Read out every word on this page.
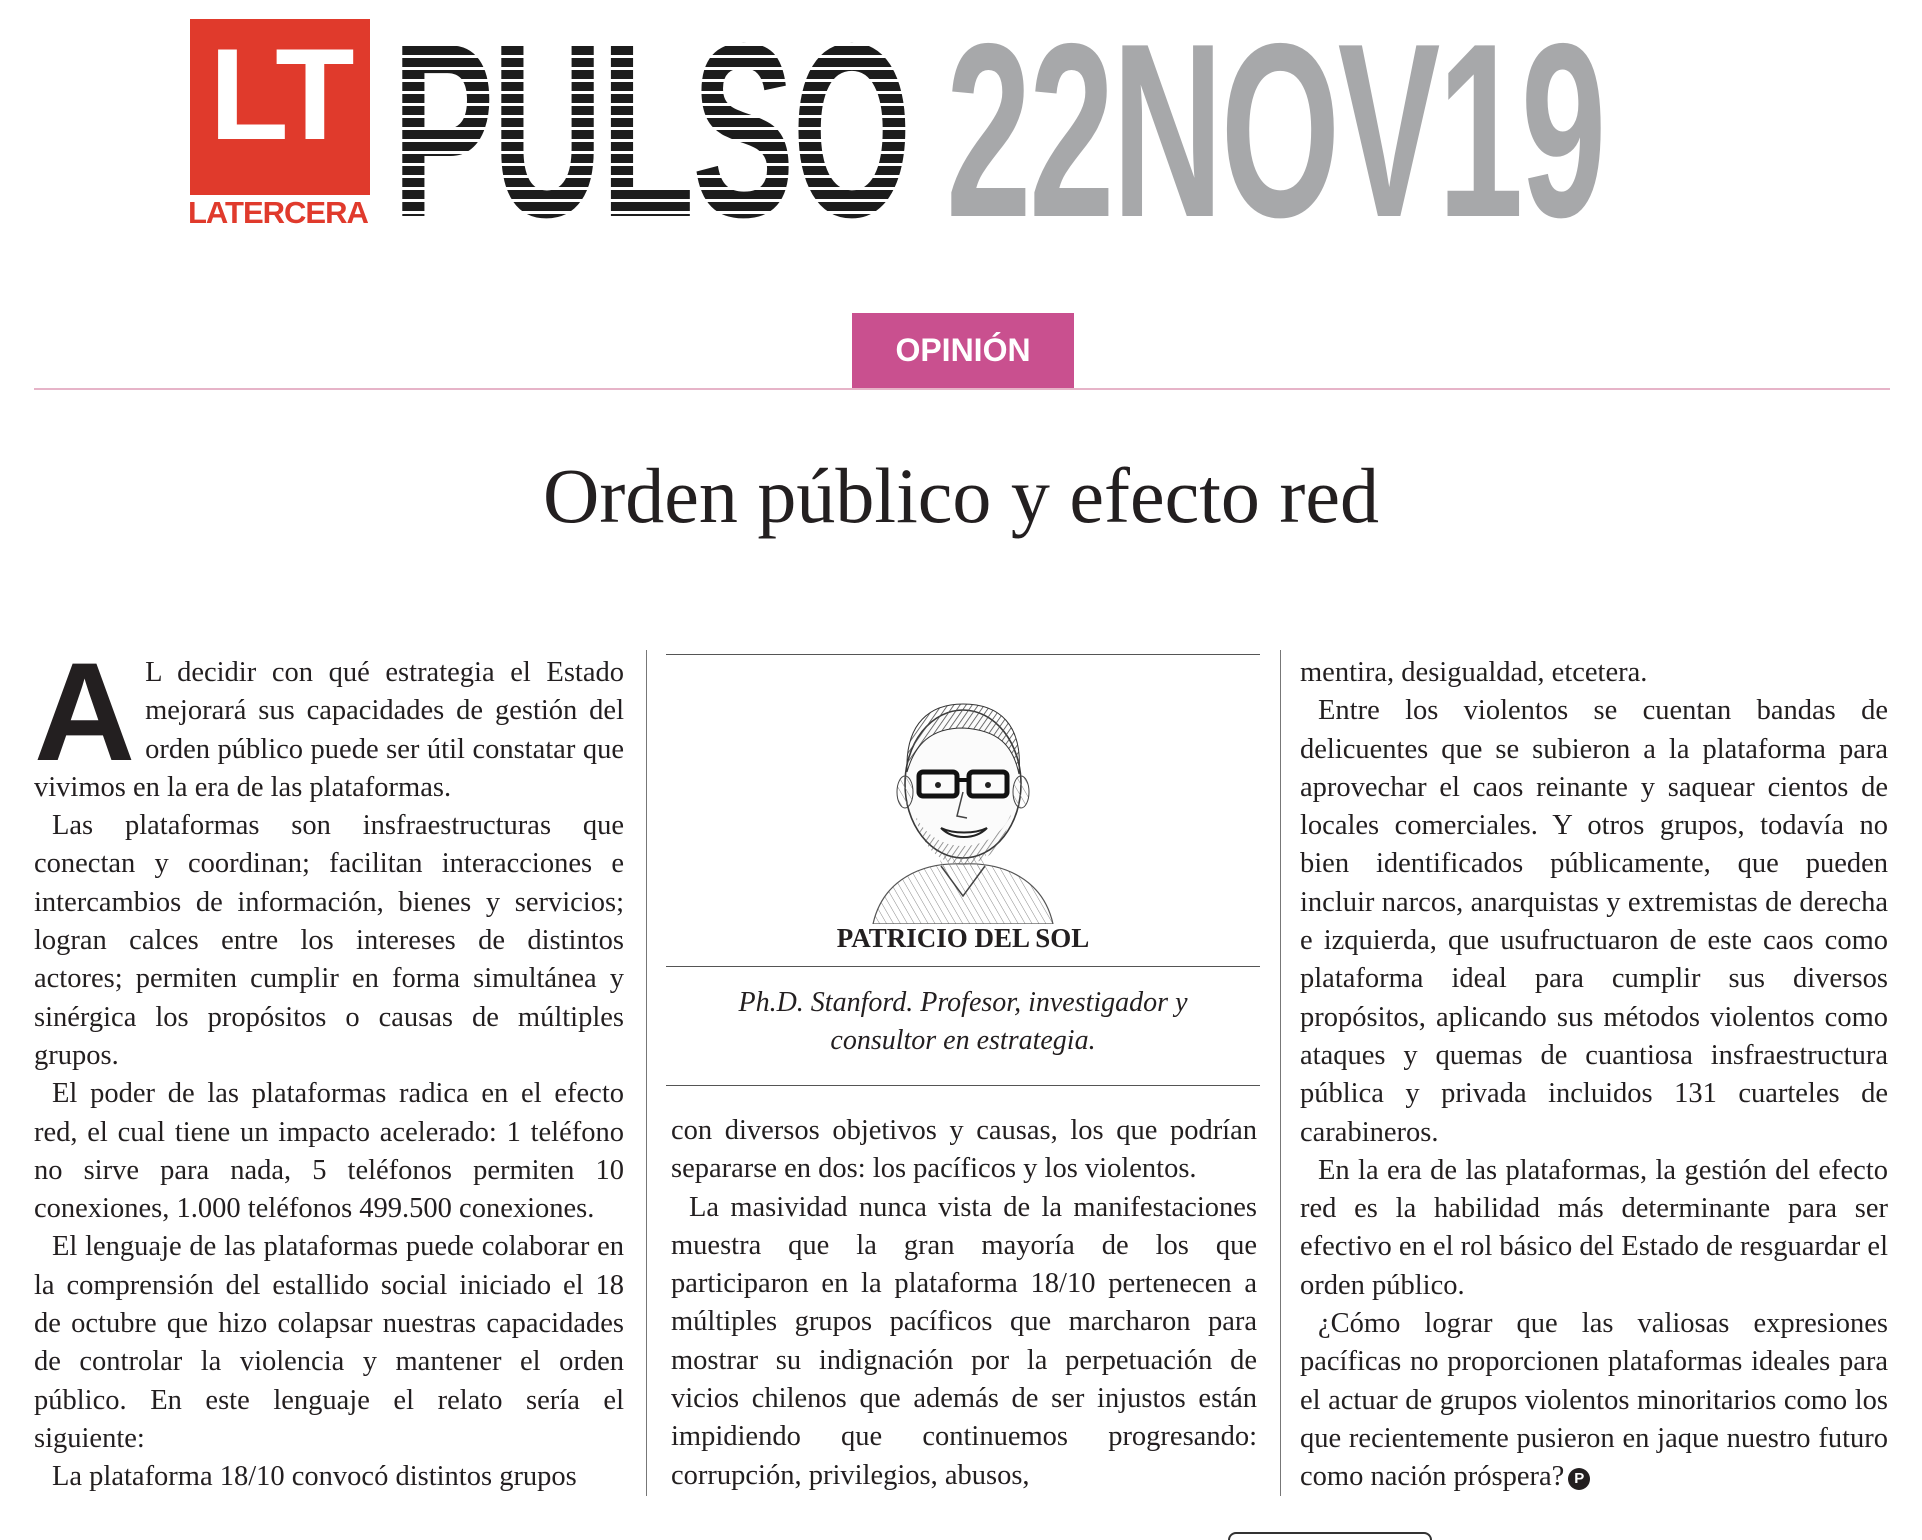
LT
LATERCERA PULSO 22NOV19
OPINIÓN
Orden público y efecto red

A L decidir con qué estrategia el Estado mejorará sus capacidades de gestión del orden público puede ser útil constatar que vivimos en la era de las plataformas.

Las plataformas son insfraestructuras que conectan y coordinan; facilitan interacciones e intercambios de información, bienes y servicios; logran calces entre los intereses de distintos actores; permiten cumplir en forma simultánea y sinérgica los propósitos o causas de múltiples grupos.

El poder de las plataformas radica en el efecto red, el cual tiene un impacto acelerado: 1 teléfono no sirve para nada, 5 teléfonos permiten 10 conexiones, 1.000 teléfonos 499.500 conexiones.

El lenguaje de las plataformas puede colaborar en la comprensión del estallido social iniciado el 18 de octubre que hizo colapsar nuestras capacidades de controlar la violencia y mantener el orden público. En este lenguaje el relato sería el siguiente:

La plataforma 18/10 convocó distintos grupos

PATRICIO DEL SOL
Ph.D. Stanford. Profesor, investigador y consultor en estrategia.

con diversos objetivos y causas, los que podrían separarse en dos: los pacíficos y los violentos.

La masividad nunca vista de la manifestaciones muestra que la gran mayoría de los que participaron en la plataforma 18/10 pertenecen a múltiples grupos pacíficos que marcharon para mostrar su indignación por la perpetuación de vicios chilenos que además de ser injustos están impidiendo que continuemos progresando: corrupción, privilegios, abusos,

mentira, desigualdad, etcetera.

Entre los violentos se cuentan bandas de delicuentes que se subieron a la plataforma para aprovechar el caos reinante y saquear cientos de locales comerciales. Y otros grupos, todavía no bien identificados públicamente, que pueden incluir narcos, anarquistas y extremistas de derecha e izquierda, que usufructuaron de este caos como plataforma ideal para cumplir sus diversos propósitos, aplicando sus métodos violentos como ataques y quemas de cuantiosa insfraestructura pública y privada incluidos 131 cuarteles de carabineros.

En la era de las plataformas, la gestión del efecto red es la habilidad más determinante para ser efectivo en el rol básico del Estado de resguardar el orden público.

¿Cómo lograr que las valiosas expresiones pacíficas no proporcionen plataformas ideales para el actuar de grupos violentos minoritarios como los que recientemente pusieron en jaque nuestro futuro como nación próspera? P
